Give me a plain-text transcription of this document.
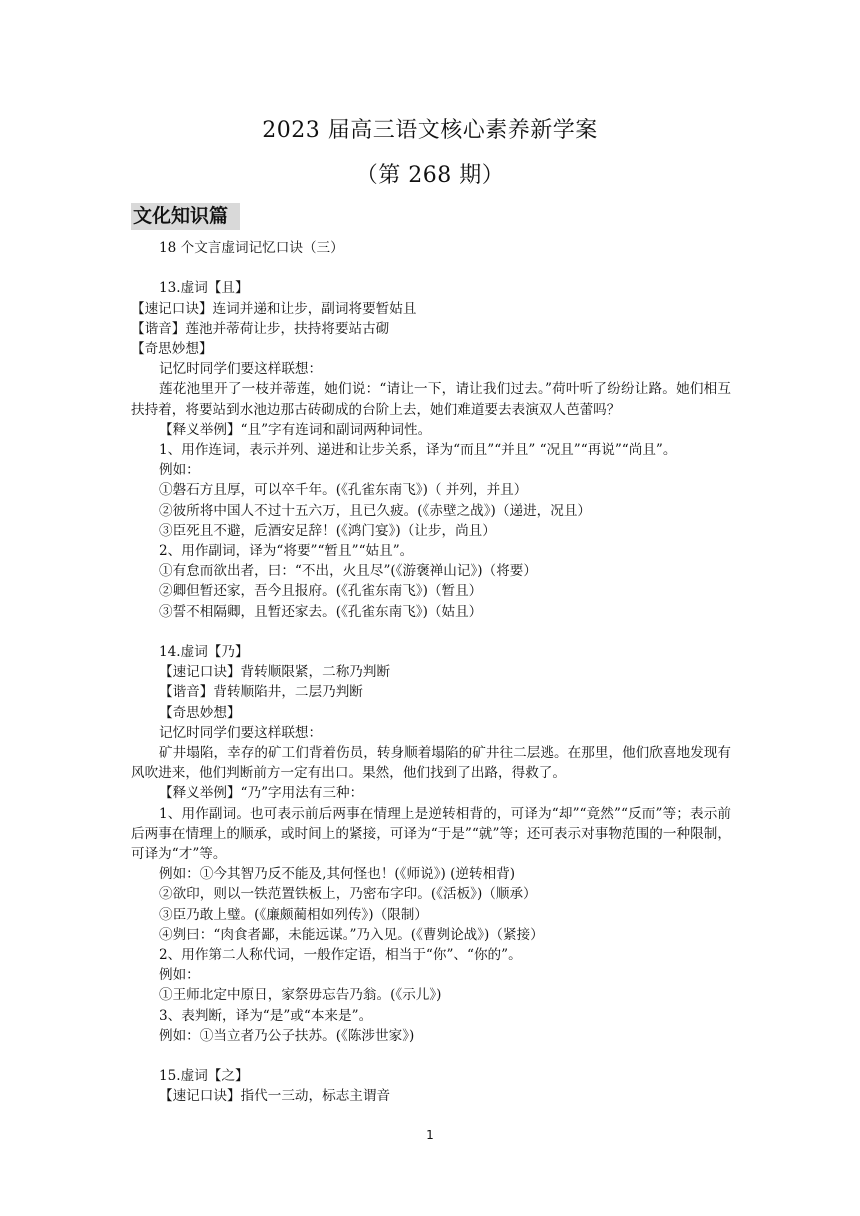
2023 届高三语文核心素养新学案
（第 268 期）
文化知识篇

18 个文言虚词记忆口诀（三）

13.虚词【且】

【速记口诀】连词并递和让步，副词将要暂姑且

【谐音】莲池并蒂荷让步，扶持将要站古砌

【奇思妙想】

记忆时同学们要这样联想：

莲花池里开了一枝并蒂莲，她们说：“请让一下，请让我们过去。”荷叶听了纷纷让路。她们相互扶持着，将要站到水池边那古砖砌成的台阶上去，她们难道要去表演双人芭蕾吗？

【释义举例】“且”字有连词和副词两种词性。

1、用作连词，表示并列、递进和让步关系，译为“而且”“并且” “况且”“再说”“尚且”。

例如：

①磐石方且厚，可以卒千年。(《孔雀东南飞》)（ 并列，并且）

②彼所将中国人不过十五六万，且已久疲。(《赤壁之战》)（递进，况且）

③臣死且不避，卮酒安足辞！(《鸿门宴》)（让步，尚且）

2、用作副词，译为“将要”“暂且”“姑且”。

①有怠而欲出者，曰：“不出，火且尽”(《游褒禅山记》)（将要）

②卿但暂还家，吾今且报府。(《孔雀东南飞》)（暂且）

③誓不相隔卿，且暂还家去。(《孔雀东南飞》)（姑且）

14.虚词【乃】

【速记口诀】背转顺限紧，二称乃判断

【谐音】背转顺陷井，二层乃判断

【奇思妙想】

记忆时同学们要这样联想：

矿井塌陷，幸存的矿工们背着伤员，转身顺着塌陷的矿井往二层逃。在那里，他们欣喜地发现有风吹进来，他们判断前方一定有出口。果然，他们找到了出路，得救了。

【释义举例】“乃”字用法有三种：

1、用作副词。也可表示前后两事在情理上是逆转相背的，可译为“却”“竟然”“反而”等；表示前后两事在情理上的顺承，或时间上的紧接，可译为“于是”“就”等；还可表示对事物范围的一种限制，可译为“才”等。

例如：①今其智乃反不能及,其何怪也！(《师说》) (逆转相背)

②欲印，则以一铁范置铁板上，乃密布字印。(《活板》)（顺承）

③臣乃敢上璧。(《廉颇蔺相如列传》)（限制）

④刿曰：“肉食者鄙，未能远谋。”乃入见。(《曹刿论战》)（紧接）

2、用作第二人称代词，一般作定语，相当于“你”、“你的”。

例如：

①王师北定中原日，家祭毋忘告乃翁。(《示儿》)

3、表判断，译为“是”或“本来是”。

例如：①当立者乃公子扶苏。(《陈涉世家》)

15.虚词【之】

【速记口诀】指代一三动，标志主谓音

1
